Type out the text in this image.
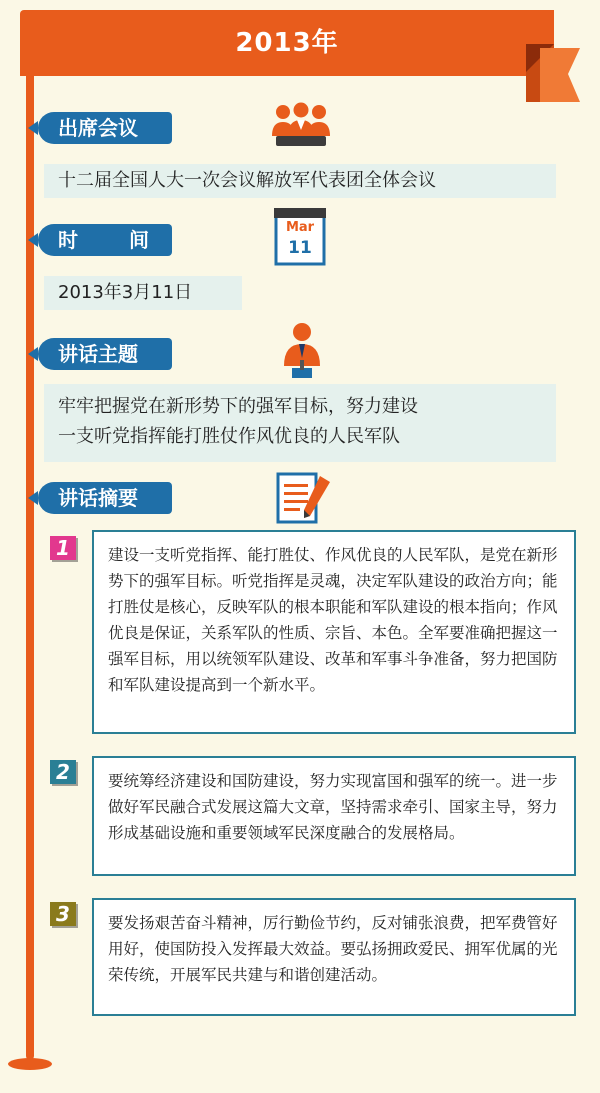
2013年
出席会议
十二届全国人大一次会议解放军代表团全体会议
时 间
Mar
11
2013年3月11日
讲话主题
牢牢把握党在新形势下的强军目标，努力建设
一支听党指挥能打胜仗作风优良的人民军队
讲话摘要
1	建设一支听党指挥、能打胜仗、作风优良的人民军队，是党在新形势下的强军目标。听党指挥是灵魂，决定军队建设的政治方向；能打胜仗是核心，反映军队的根本职能和军队建设的根本指向；作风优良是保证，关系军队的性质、宗旨、本色。全军要准确把握这一强军目标，用以统领军队建设、改革和军事斗争准备，努力把国防和军队建设提高到一个新水平。
2	要统筹经济建设和国防建设，努力实现富国和强军的统一。进一步做好军民融合式发展这篇大文章，坚持需求牵引、国家主导，努力形成基础设施和重要领域军民深度融合的发展格局。
3	要发扬艰苦奋斗精神，厉行勤俭节约，反对铺张浪费，把军费管好用好，使国防投入发挥最大效益。要弘扬拥政爱民、拥军优属的光荣传统，开展军民共建与和谐创建活动。
